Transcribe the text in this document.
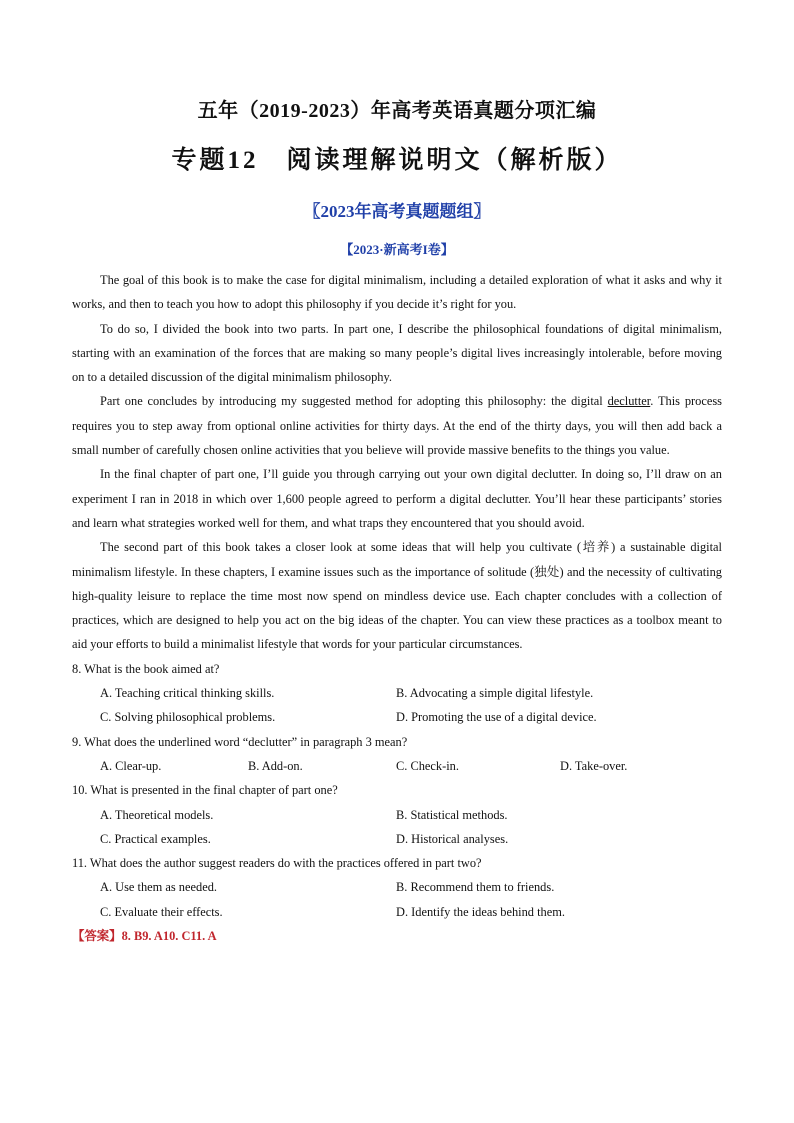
五年（2019-2023）年高考英语真题分项汇编
专题12　阅读理解说明文（解析版）
〖2023年高考真题题组〗
【2023·新高考I卷】

The goal of this book is to make the case for digital minimalism, including a detailed exploration of what it asks and why it works, and then to teach you how to adopt this philosophy if you decide it’s right for you.

To do so, I divided the book into two parts. In part one, I describe the philosophical foundations of digital minimalism, starting with an examination of the forces that are making so many people’s digital lives increasingly intolerable, before moving on to a detailed discussion of the digital minimalism philosophy.

Part one concludes by introducing my suggested method for adopting this philosophy: the digital declutter. This process requires you to step away from optional online activities for thirty days. At the end of the thirty days, you will then add back a small number of carefully chosen online activities that you believe will provide massive benefits to the things you value.

In the final chapter of part one, I’ll guide you through carrying out your own digital declutter. In doing so, I’ll draw on an experiment I ran in 2018 in which over 1,600 people agreed to perform a digital declutter. You’ll hear these participants’ stories and learn what strategies worked well for them, and what traps they encountered that you should avoid.

The second part of this book takes a closer look at some ideas that will help you cultivate (培养) a sustainable digital minimalism lifestyle. In these chapters, I examine issues such as the importance of solitude (独处) and the necessity of cultivating high-quality leisure to replace the time most now spend on mindless device use. Each chapter concludes with a collection of practices, which are designed to help you act on the big ideas of the chapter. You can view these practices as a toolbox meant to aid your efforts to build a minimalist lifestyle that words for your particular circumstances.

8. What is the book aimed at?
A. Teaching critical thinking skills.	B. Advocating a simple digital lifestyle.
C. Solving philosophical problems.	D. Promoting the use of a digital device.
9. What does the underlined word “declutter” in paragraph 3 mean?
A. Clear-up.	B. Add-on.	C. Check-in.	D. Take-over.
10. What is presented in the final chapter of part one?
A. Theoretical models.	B. Statistical methods.
C. Practical examples.	D. Historical analyses.
11. What does the author suggest readers do with the practices offered in part two?
A. Use them as needed.	B. Recommend them to friends.
C. Evaluate their effects.	D. Identify the ideas behind them.
【答案】8. B9. A10. C11. A
